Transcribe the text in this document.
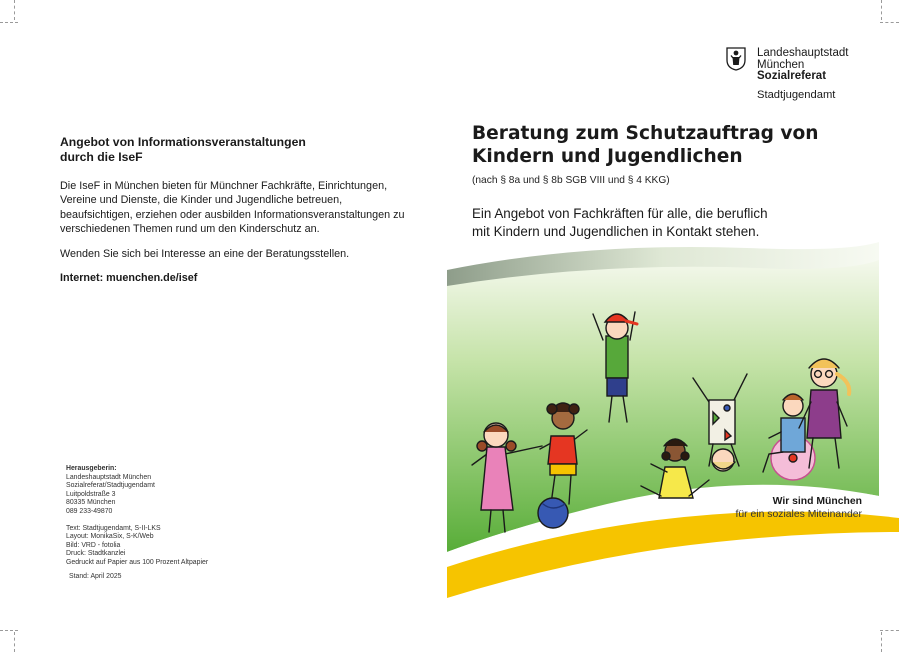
Angebot von Informationsveranstaltungen
durch die IseF

Die IseF in München bieten für Münchner Fachkräfte, Einrichtungen, Vereine und Dienste, die Kinder und Jugendliche betreuen, beaufsichtigen, erziehen oder ausbilden Informationsveranstaltungen zu verschiedenen Themen rund um den Kinderschutz an.

Wenden Sie sich bei Interesse an eine der Beratungsstellen.

Internet: muenchen.de/isef

Herausgeberin:
Landeshauptstadt München
Sozialreferat/Stadtjugendamt
Luitpoldstraße 3
80335 München
089 233-49870
Text: Stadtjugendamt, S-II-LKS
Layout: MonikaSix, S-K/Web
Bild: VRD - fotolia
Druck: Stadtkanzlei
Gedruckt auf Papier aus 100 Prozent Altpapier
Stand: April 2025
Landeshauptstadt
München
Sozialreferat
Stadtjugendamt
Beratung zum Schutzauftrag von
Kindern und Jugendlichen
(nach § 8a und § 8b SGB VIII und § 4 KKG)
Ein Angebot von Fachkräften für alle, die beruflich
mit Kindern und Jugendlichen in Kontakt stehen.
Wir sind München
für ein soziales Miteinander
